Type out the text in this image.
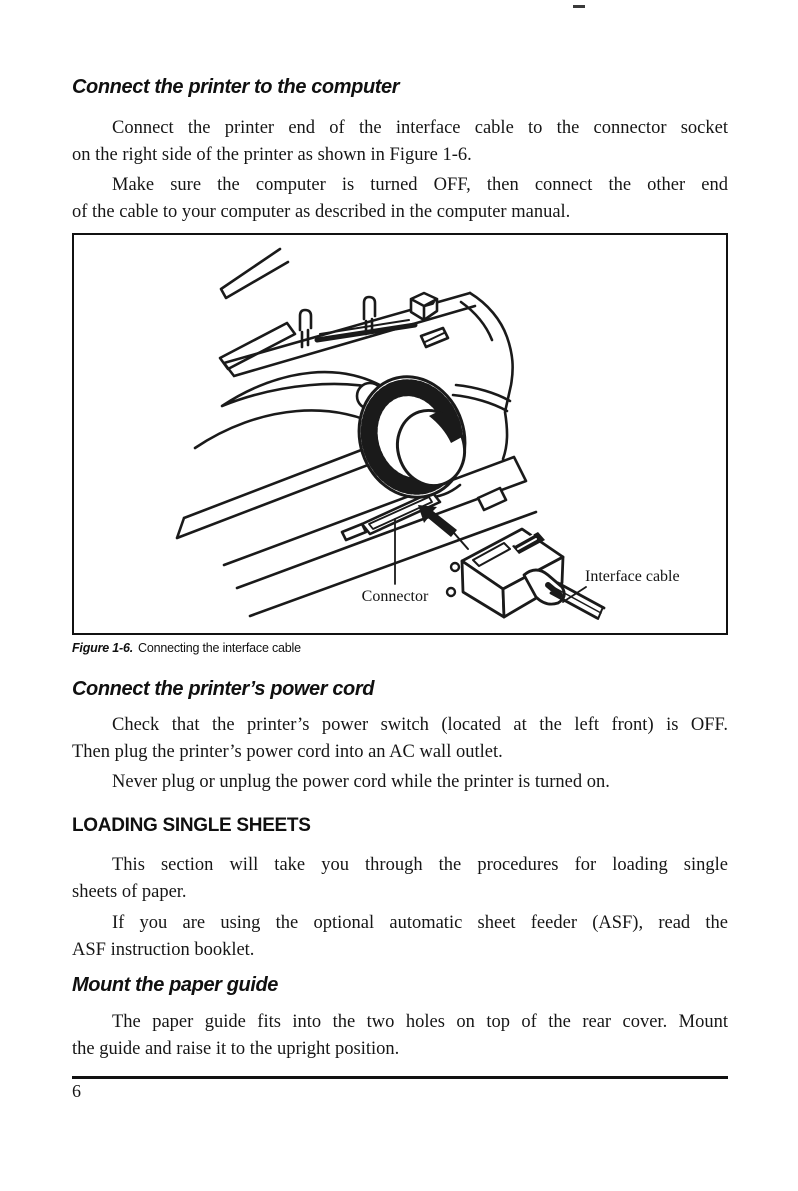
Connect the printer to the computer

Connect the printer end of the interface cable to the connector socket
on the right side of the printer as shown in Figure 1-6.

Make sure the computer is turned OFF, then connect the other end
of the cable to your computer as described in the computer manual.

Connector
Interface cable
Figure 1-6. Connecting the interface cable
Connect the printer’s power cord

Check that the printer’s power switch (located at the left front) is OFF.
Then plug the printer’s power cord into an AC wall outlet.

Never plug or unplug the power cord while the printer is turned on.

LOADING SINGLE SHEETS

This section will take you through the procedures for loading single
sheets of paper.

If you are using the optional automatic sheet feeder (ASF), read the
ASF instruction booklet.

Mount the paper guide

The paper guide fits into the two holes on top of the rear cover. Mount
the guide and raise it to the upright position.

6
